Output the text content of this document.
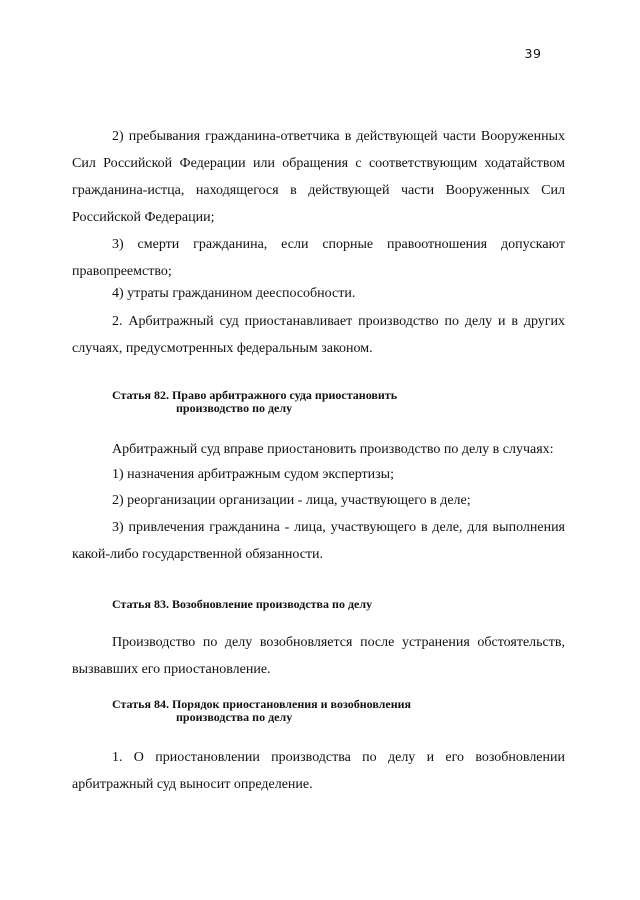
39

2) пребывания гражданина-ответчика в действующей части Вооруженных Сил Российской Федерации или обращения с соответствующим ходатайством гражданина-истца, находящегося в действующей части Вооруженных Сил Российской Федерации;

3) смерти гражданина, если спорные правоотношения допускают правопреемство;

4) утраты гражданином дееспособности.

2. Арбитражный суд приостанавливает производство по делу и в других случаях, предусмотренных федеральным законом.

Статья 82. Право арбитражного суда приостановить
производство по делу

Арбитражный суд вправе приостановить производство по делу в случаях:

1) назначения арбитражным судом экспертизы;

2) реорганизации организации - лица, участвующего в деле;

3) привлечения гражданина - лица, участвующего в деле, для выполнения какой-либо государственной обязанности.

Статья 83. Возобновление производства по делу

Производство по делу возобновляется после устранения обстоятельств, вызвавших его приостановление.

Статья 84. Порядок приостановления и возобновления
производства по делу

1. О приостановлении производства по делу и его возобновлении арбитражный суд выносит определение.
